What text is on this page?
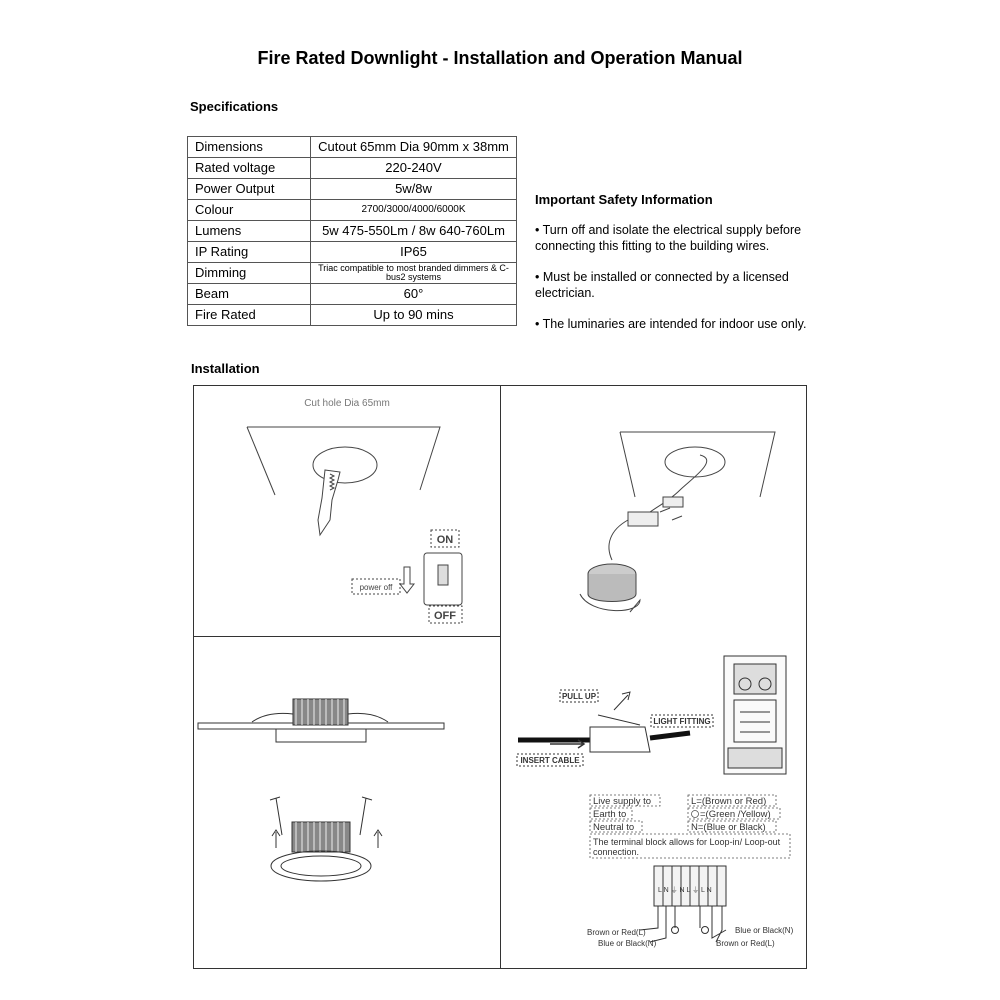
Fire Rated Downlight - Installation and Operation Manual
Specifications
Dimensions	Cutout 65mm Dia 90mm x 38mm
Rated voltage	220-240V
Power Output	5w/8w
Colour	2700/3000/4000/6000K
Lumens	5w 475-550Lm / 8w 640-760Lm
IP Rating	IP65
Dimming	Triac compatible to most branded dimmers & C-bus2 systems
Beam	60°
Fire Rated	Up to 90 mins
Important Safety Information

• Turn off and isolate the electrical supply before connecting this fitting to the building wires.

• Must be installed or connected by a licensed electrician.

• The luminaries are intended for indoor use only.

Installation
Cut hole Dia 65mm
ON
OFF
power off
PULL UP
LIGHT FITTING
INSERT CABLE
Live supply to
Earth to
Neutral to
L=(Brown or Red)
=(Green /Yellow)
N=(Blue or Black)
The terminal block allows for Loop-in/ Loop-out
connection.
L N ⏚ N L ⏚ L N
Brown or Red(L)
Blue or Black(N)
Blue or Black(N)
Brown or Red(L)
